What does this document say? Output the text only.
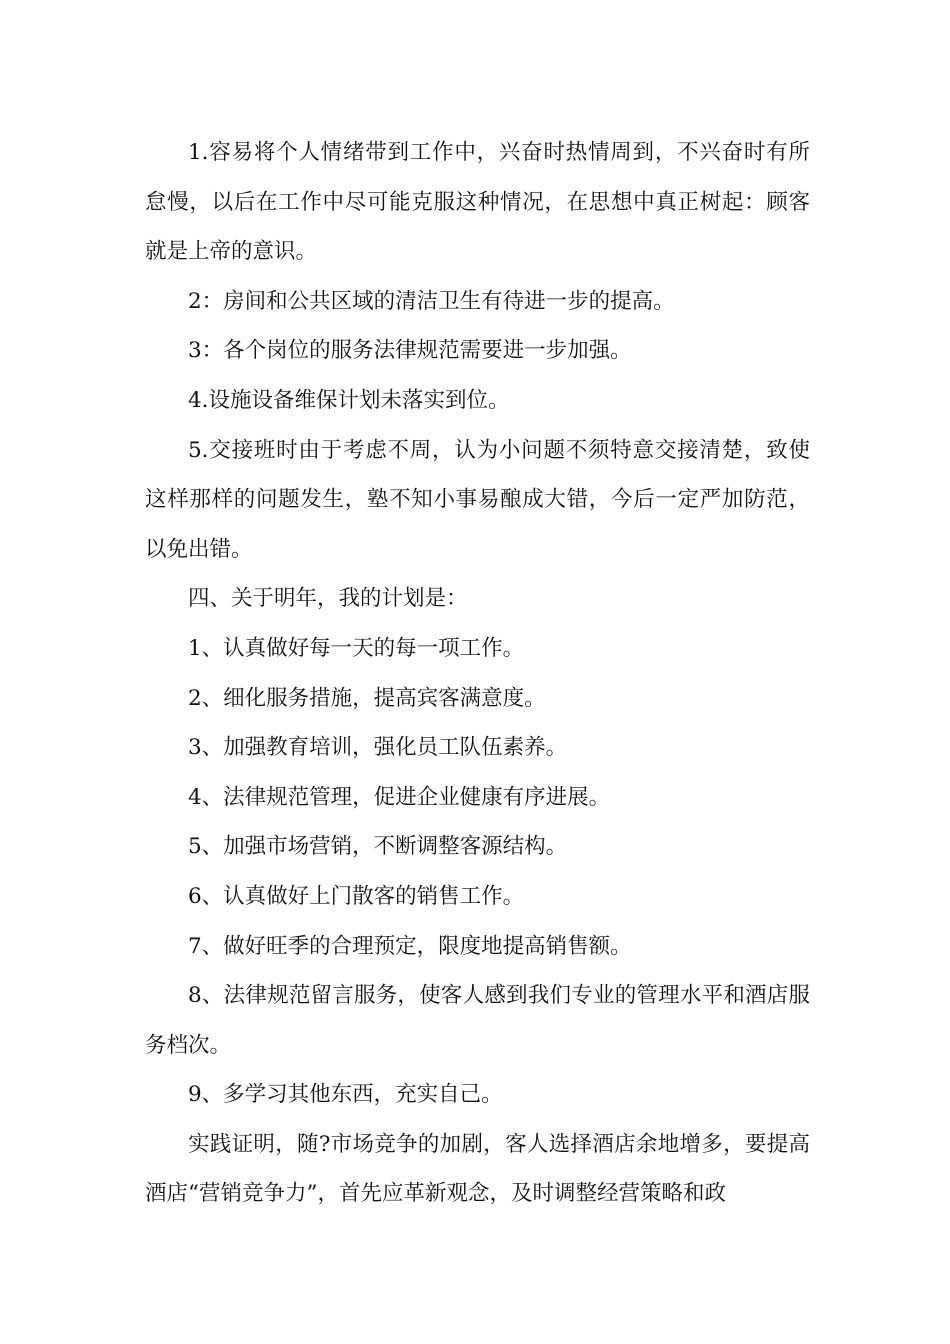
1.容易将个人情绪带到工作中，兴奋时热情周到，不兴奋时有所怠慢，以后在工作中尽可能克服这种情况，在思想中真正树起：顾客就是上帝的意识。

2：房间和公共区域的清洁卫生有待进一步的提高。

3：各个岗位的服务法律规范需要进一步加强。

4.设施设备维保计划未落实到位。

5.交接班时由于考虑不周，认为小问题不须特意交接清楚，致使这样那样的问题发生，塾不知小事易酿成大错，今后一定严加防范，以免出错。

四、关于明年，我的计划是：

1、认真做好每一天的每一项工作。

2、细化服务措施，提高宾客满意度。

3、加强教育培训，强化员工队伍素养。

4、法律规范管理，促进企业健康有序进展。

5、加强市场营销，不断调整客源结构。

6、认真做好上门散客的销售工作。

7、做好旺季的合理预定，限度地提高销售额。

8、法律规范留言服务，使客人感到我们专业的管理水平和酒店服务档次。

9、多学习其他东西，充实自己。

实践证明，随?市场竞争的加剧，客人选择酒店余地增多，要提高酒店“营销竞争力”，首先应革新观念，及时调整经营策略和政
